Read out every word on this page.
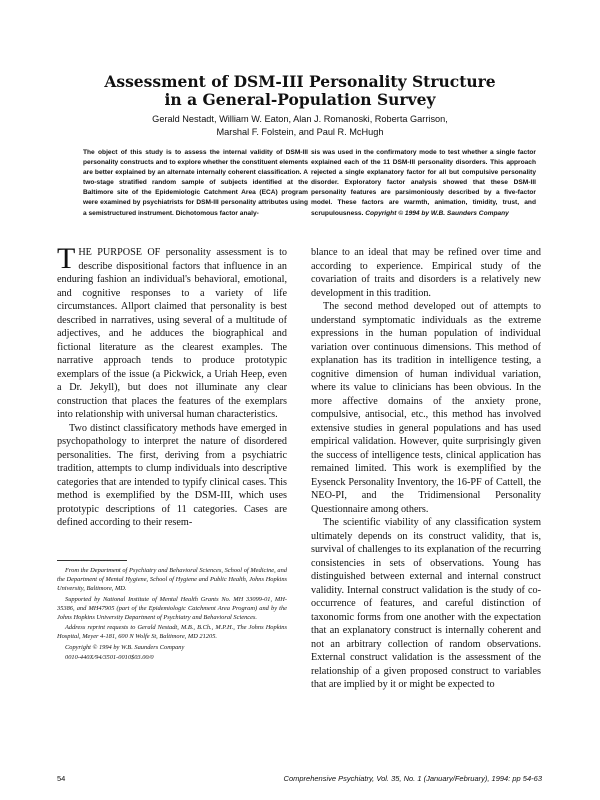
Assessment of DSM-III Personality Structure
in a General-Population Survey
Gerald Nestadt, William W. Eaton, Alan J. Romanoski, Roberta Garrison,
Marshal F. Folstein, and Paul R. McHugh

The object of this study is to assess the internal validity of DSM-III personality constructs and to explore whether the constituent elements are better explained by an alternate internally coherent classification. A two-stage stratified random sample of subjects identified at the Baltimore site of the Epidemiologic Catchment Area (ECA) program were examined by psychiatrists for DSM-III personality attributes using a semistructured instrument. Dichotomous factor analy-

sis was used in the confirmatory mode to test whether a single factor explained each of the 11 DSM-III personality disorders. This approach rejected a single explanatory factor for all but compulsive personality disorder. Exploratory factor analysis showed that these DSM-III personality features are parsimoniously described by a five-factor model. These factors are warmth, animation, timidity, trust, and scrupulousness. Copyright © 1994 by W.B. Saunders Company

THE PURPOSE OF personality assessment is to describe dispositional factors that influence in an enduring fashion an individual's behavioral, emotional, and cognitive responses to a variety of life circumstances. Allport claimed that personality is best described in narratives, using several of a multitude of adjectives, and he adduces the biographical and fictional literature as the clearest examples. The narrative approach tends to produce prototypic exemplars of the issue (a Pickwick, a Uriah Heep, even a Dr. Jekyll), but does not illuminate any clear construction that places the features of the exemplars into relationship with universal human characteristics.

Two distinct classificatory methods have emerged in psychopathology to interpret the nature of disordered personalities. The first, deriving from a psychiatric tradition, attempts to clump individuals into descriptive categories that are intended to typify clinical cases. This method is exemplified by the DSM-III, which uses prototypic descriptions of 11 categories. Cases are defined according to their resem-

From the Department of Psychiatry and Behavioral Sciences, School of Medicine, and the Department of Mental Hygiene, School of Hygiene and Public Health, Johns Hopkins University, Baltimore, MD.

Supported by National Institute of Mental Health Grants No. MH 33099-01, MH-35386, and MH47905 (part of the Epidemiologic Catchment Area Program) and by the Johns Hopkins University Department of Psychiatry and Behavioral Sciences.

Address reprint requests to Gerald Nestadt, M.B., B.Ch., M.P.H., The Johns Hopkins Hospital, Meyer 4-181, 600 N Wolfe St, Baltimore, MD 21205.

Copyright © 1994 by W.B. Saunders Company

0010-440X/94/3501-0010$03.00/0

blance to an ideal that may be refined over time and according to experience. Empirical study of the covariation of traits and disorders is a relatively new development in this tradition.

The second method developed out of attempts to understand symptomatic individuals as the extreme expressions in the human population of individual variation over continuous dimensions. This method of explanation has its tradition in intelligence testing, a cognitive dimension of human individual variation, where its value to clinicians has been obvious. In the more affective domains of the anxiety prone, compulsive, antisocial, etc., this method has involved extensive studies in general populations and has used empirical validation. However, quite surprisingly given the success of intelligence tests, clinical application has remained limited. This work is exemplified by the Eysenck Personality Inventory, the 16-PF of Cattell, the NEO-PI, and the Tridimensional Personality Questionnaire among others.

The scientific viability of any classification system ultimately depends on its construct validity, that is, survival of challenges to its explanation of the recurring consistencies in sets of observations. Young has distinguished between external and internal construct validity. Internal construct validation is the study of co-occurrence of features, and careful distinction of taxonomic forms from one another with the expectation that an explanatory construct is internally coherent and not an arbitrary collection of random observations. External construct validation is the assessment of the relationship of a given proposed construct to variables that are implied by it or might be expected to

54	Comprehensive Psychiatry, Vol. 35, No. 1 (January/February), 1994: pp 54-63
